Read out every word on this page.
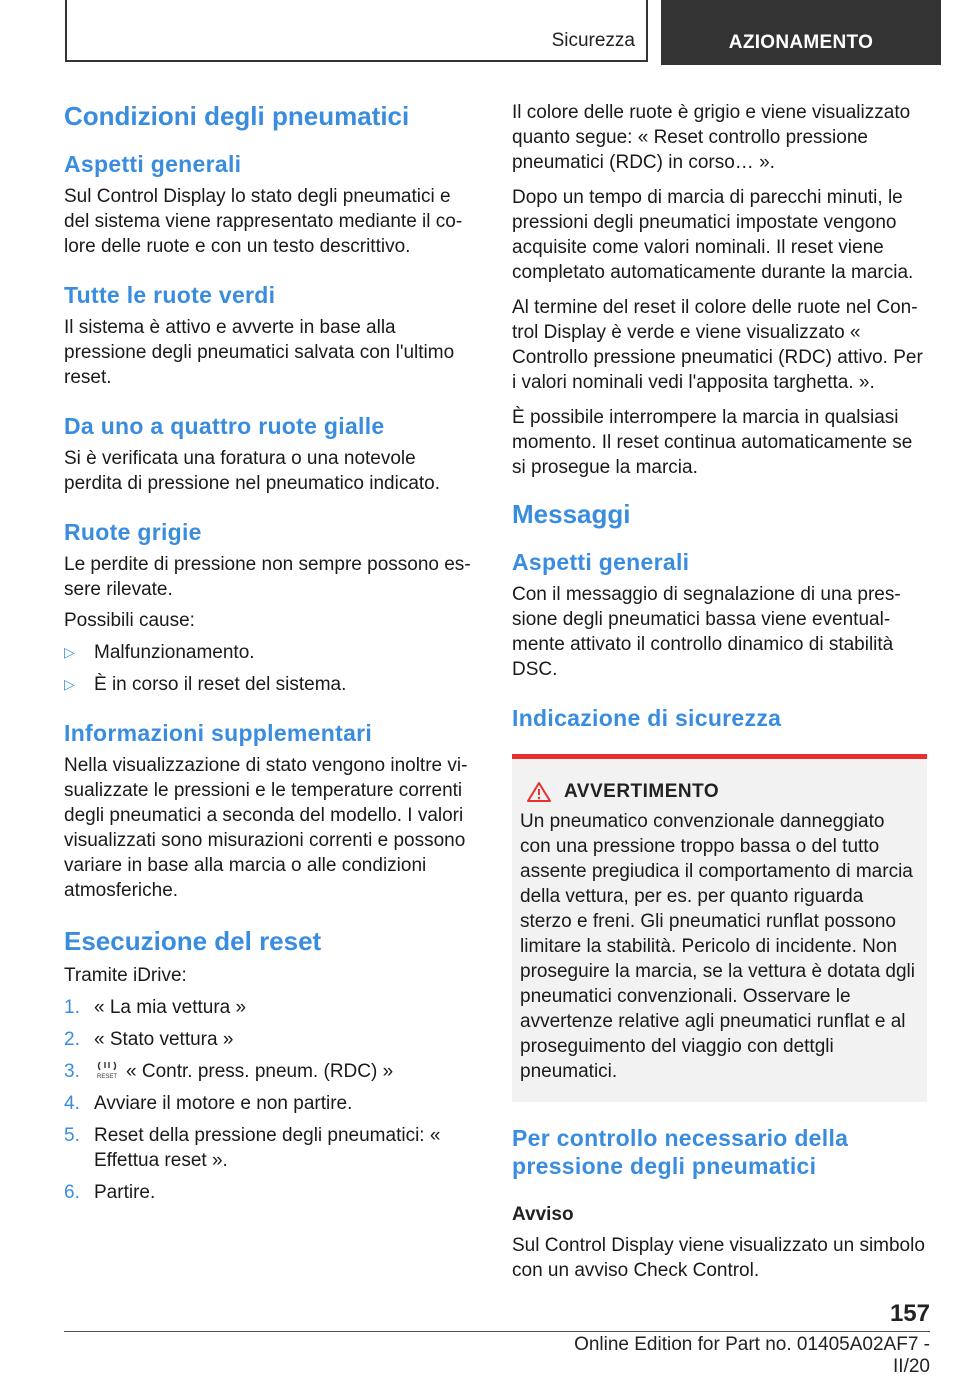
Sicurezza	AZIONAMENTO
Condizioni degli pneumatici
Aspetti generali

Sul Control Display lo stato degli pneumatici e del sistema viene rappresentato mediante il colore delle ruote e con un testo descrittivo.

Tutte le ruote verdi

Il sistema è attivo e avverte in base alla pressione degli pneumatici salvata con l'ultimo reset.

Da uno a quattro ruote gialle

Si è verificata una foratura o una notevole perdita di pressione nel pneumatico indicato.

Ruote grigie

Le perdite di pressione non sempre possono essere rilevate.

Possibili cause:

▷ Malfunzionamento.
▷ È in corso il reset del sistema.
Informazioni supplementari

Nella visualizzazione di stato vengono inoltre visualizzate le pressioni e le temperature correnti degli pneumatici a seconda del modello. I valori visualizzati sono misurazioni correnti e possono variare in base alla marcia o alle condizioni atmosferiche.

Esecuzione del reset

Tramite iDrive:

1. « La mia vettura »
2. « Stato vettura »
3.	RESET « Contr. press. pneum. (RDC) »
4. Avviare il motore e non partire.
5. Reset della pressione degli pneumatici: « Effettua reset ».
6. Partire.

Il colore delle ruote è grigio e viene visualizzato quanto segue: « Reset controllo pressione pneumatici (RDC) in corso… ».

Dopo un tempo di marcia di parecchi minuti, le pressioni degli pneumatici impostate vengono acquisite come valori nominali. Il reset viene completato automaticamente durante la marcia.

Al termine del reset il colore delle ruote nel Control Display è verde e viene visualizzato « Controllo pressione pneumatici (RDC) attivo. Per i valori nominali vedi l'apposita targhetta. ».

È possibile interrompere la marcia in qualsiasi momento. Il reset continua automaticamente se si prosegue la marcia.

Messaggi
Aspetti generali

Con il messaggio di segnalazione di una pressione degli pneumatici bassa viene eventualmente attivato il controllo dinamico di stabilità DSC.

Indicazione di sicurezza
AVVERTIMENTO

Un pneumatico convenzionale danneggiato con una pressione troppo bassa o del tutto assente pregiudica il comportamento di marcia della vettura, per es. per quanto riguarda sterzo e freni. Gli pneumatici runflat possono limitare la stabilità. Pericolo di incidente. Non proseguire la marcia, se la vettura è dotata dgli pneumatici convenzionali. Osservare le avvertenze relative agli pneumatici runflat e al proseguimento del viaggio con dettgli pneumatici.

Per controllo necessario della pressione degli pneumatici

Avviso

Sul Control Display viene visualizzato un simbolo con un avviso Check Control.

157
Online Edition for Part no. 01405A02AF7 - II/20
